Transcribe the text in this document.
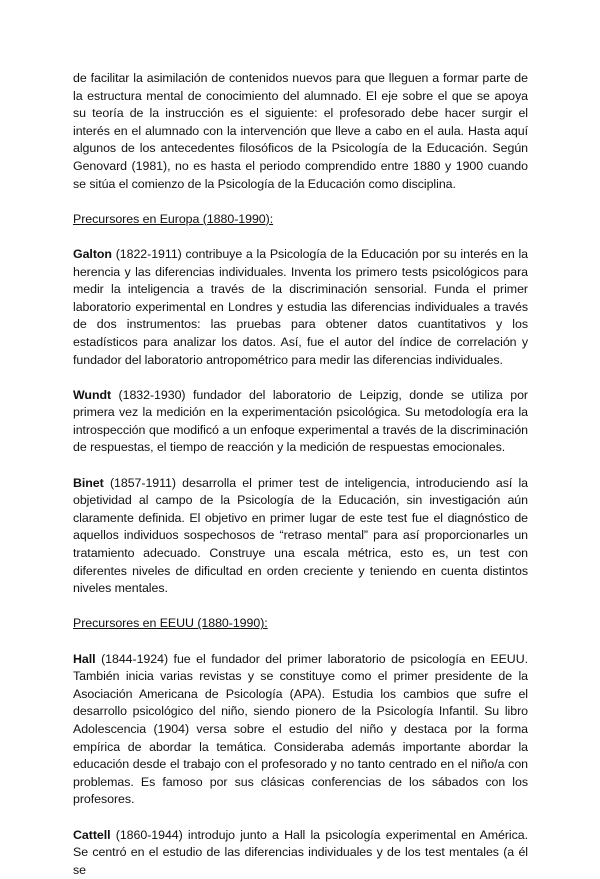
de facilitar la asimilación de contenidos nuevos para que lleguen a formar parte de la estructura mental de conocimiento del alumnado. El eje sobre el que se apoya su teoría de la instrucción es el siguiente: el profesorado debe hacer surgir el interés en el alumnado con la intervención que lleve a cabo en el aula. Hasta aquí algunos de los antecedentes filosóficos de la Psicología de la Educación. Según Genovard (1981), no es hasta el periodo comprendido entre 1880 y 1900 cuando se sitúa el comienzo de la Psicología de la Educación como disciplina.

Precursores en Europa (1880-1990):

Galton (1822-1911) contribuye a la Psicología de la Educación por su interés en la herencia y las diferencias individuales. Inventa los primero tests psicológicos para medir la inteligencia a través de la discriminación sensorial. Funda el primer laboratorio experimental en Londres y estudia las diferencias individuales a través de dos instrumentos: las pruebas para obtener datos cuantitativos y los estadísticos para analizar los datos. Así, fue el autor del índice de correlación y fundador del laboratorio antropométrico para medir las diferencias individuales.

Wundt (1832-1930) fundador del laboratorio de Leipzig, donde se utiliza por primera vez la medición en la experimentación psicológica. Su metodología era la introspección que modificó a un enfoque experimental a través de la discriminación de respuestas, el tiempo de reacción y la medición de respuestas emocionales.

Binet (1857-1911) desarrolla el primer test de inteligencia, introduciendo así la objetividad al campo de la Psicología de la Educación, sin investigación aún claramente definida. El objetivo en primer lugar de este test fue el diagnóstico de aquellos individuos sospechosos de “retraso mental” para así proporcionarles un tratamiento adecuado. Construye una escala métrica, esto es, un test con diferentes niveles de dificultad en orden creciente y teniendo en cuenta distintos niveles mentales.

Precursores en EEUU (1880-1990):

Hall (1844-1924) fue el fundador del primer laboratorio de psicología en EEUU. También inicia varias revistas y se constituye como el primer presidente de la Asociación Americana de Psicología (APA). Estudia los cambios que sufre el desarrollo psicológico del niño, siendo pionero de la Psicología Infantil. Su libro Adolescencia (1904) versa sobre el estudio del niño y destaca por la forma empírica de abordar la temática. Consideraba además importante abordar la educación desde el trabajo con el profesorado y no tanto centrado en el niño/a con problemas. Es famoso por sus clásicas conferencias de los sábados con los profesores.

Cattell (1860-1944) introdujo junto a Hall la psicología experimental en América. Se centró en el estudio de las diferencias individuales y de los test mentales (a él se
